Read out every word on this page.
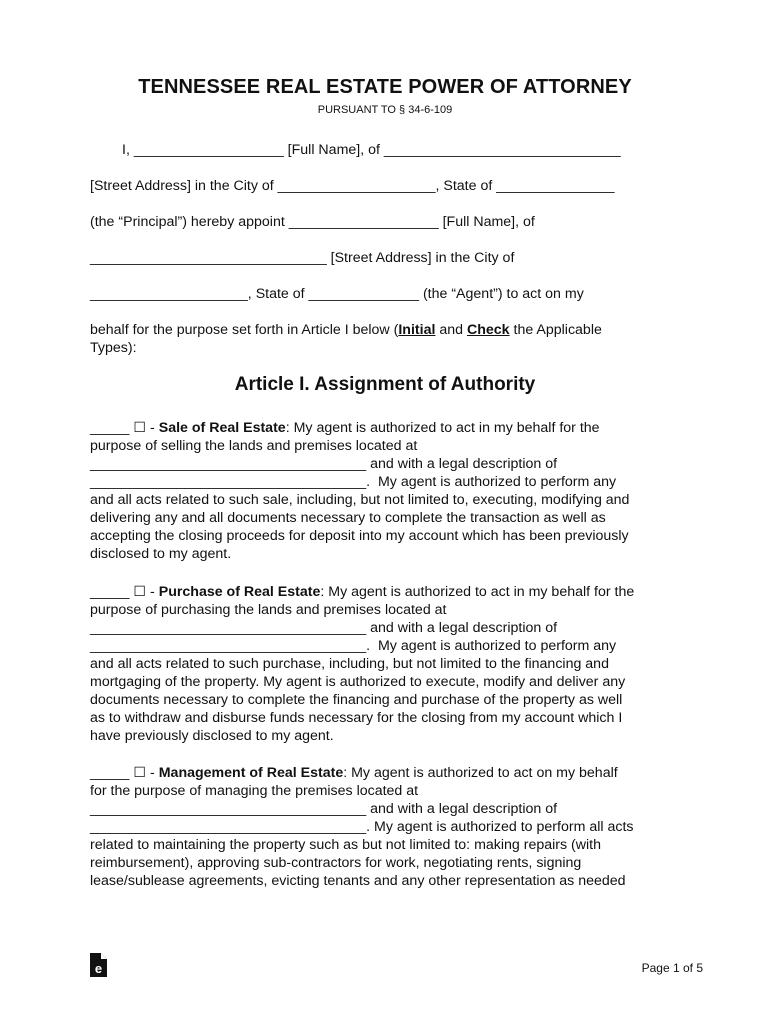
TENNESSEE REAL ESTATE POWER OF ATTORNEY
PURSUANT TO § 34-6-109
I, ___________________ [Full Name], of ______________________________
[Street Address] in the City of ____________________, State of _______________
(the “Principal”) hereby appoint ___________________ [Full Name], of
______________________________ [Street Address] in the City of
____________________, State of ______________ (the “Agent”) to act on my
behalf for the purpose set forth in Article I below (Initial and Check the Applicable
Types):
Article I. Assignment of Authority
_____ ☐ - Sale of Real Estate: My agent is authorized to act in my behalf for the
purpose of selling the lands and premises located at
___________________________________ and with a legal description of
___________________________________.  My agent is authorized to perform any
and all acts related to such sale, including, but not limited to, executing, modifying and
delivering any and all documents necessary to complete the transaction as well as
accepting the closing proceeds for deposit into my account which has been previously
disclosed to my agent.
_____ ☐ - Purchase of Real Estate: My agent is authorized to act in my behalf for the
purpose of purchasing the lands and premises located at
___________________________________ and with a legal description of
___________________________________.  My agent is authorized to perform any
and all acts related to such purchase, including, but not limited to the financing and
mortgaging of the property. My agent is authorized to execute, modify and deliver any
documents necessary to complete the financing and purchase of the property as well
as to withdraw and disburse funds necessary for the closing from my account which I
have previously disclosed to my agent.
_____ ☐ - Management of Real Estate: My agent is authorized to act on my behalf
for the purpose of managing the premises located at
___________________________________ and with a legal description of
___________________________________. My agent is authorized to perform all acts
related to maintaining the property such as but not limited to: making repairs (with
reimbursement), approving sub-contractors for work, negotiating rents, signing
lease/sublease agreements, evicting tenants and any other representation as needed
e	Page 1 of 5
